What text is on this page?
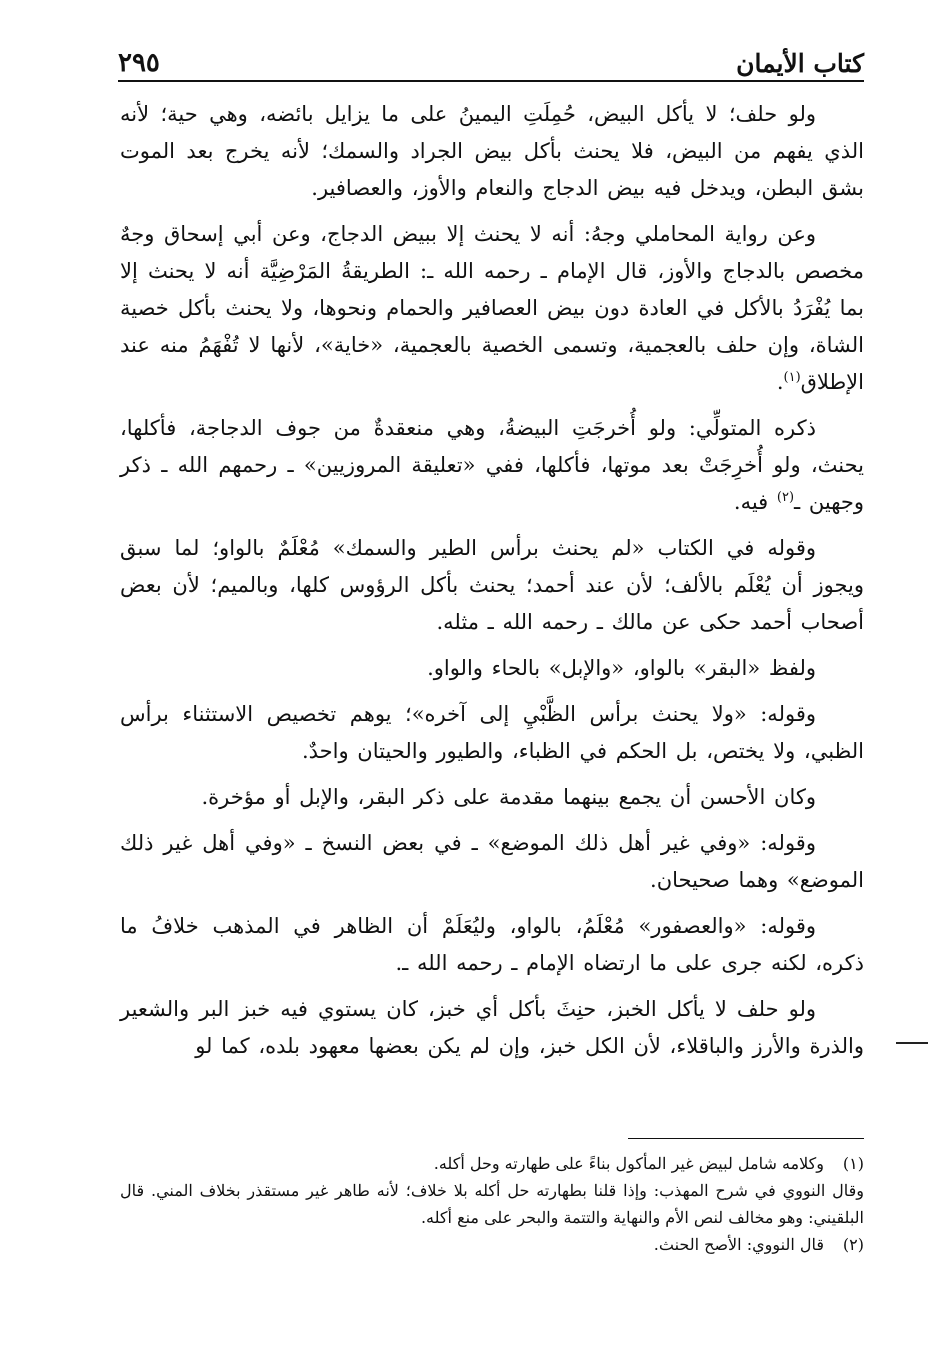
كتاب الأيمان
٢٩٥

ولو حلف؛ لا يأكل البيض، حُمِلَتِ اليمينُ على ما يزايل بائضه، وهي حية؛ لأنه الذي يفهم من البيض، فلا يحنث بأكل بيض الجراد والسمك؛ لأنه يخرج بعد الموت بشق البطن، ويدخل فيه بيض الدجاج والنعام والأوز، والعصافير.

وعن رواية المحاملي وجهُ: أنه لا يحنث إلا ببيض الدجاج، وعن أبي إسحاق وجهٌ مخصص بالدجاج والأوز، قال الإمام ـ رحمه الله ـ: الطريقةُ المَرْضِيَّة أنه لا يحنث إلا بما يُفْرَدُ بالأكل في العادة دون بيض العصافير والحمام ونحوها، ولا يحنث بأكل خصية الشاة، وإن حلف بالعجمية، وتسمى الخصية بالعجمية، «خاية»، لأنها لا تُفْهَمُ منه عند الإطلاق$^{(١)}$.

ذكره المتولِّي: ولو أُخرجَتِ البيضةُ، وهي منعقدةٌ من جوف الدجاجة، فأكلها، يحنث، ولو أُخرِجَتْ بعد موتها، فأكلها، ففي «تعليقة المروزيين» ـ رحمهم الله ـ ذكر وجهين ـ$^{(٢)}$ فيه.

وقوله في الكتاب «لم يحنث برأس الطير والسمك» مُعْلَمٌ بالواو؛ لما سبق ويجوز أن يُعْلَم بالألف؛ لأن عند أحمد؛ يحنث بأكل الرؤوس كلها، وبالميم؛ لأن بعض أصحاب أحمد حكى عن مالك ـ رحمه الله ـ مثله.

ولفظ «البقر» بالواو، «والإبل» بالحاء والواو.

وقوله: «ولا يحنث برأس الظَّبْيِ إلى آخره»؛ يوهم تخصيص الاستثناء برأس الظبي، ولا يختص، بل الحكم في الظباء، والطيور والحيتان واحدٌ.

وكان الأحسن أن يجمع بينهما مقدمة على ذكر البقر، والإبل أو مؤخرة.

وقوله: «وفي غير أهل ذلك الموضع» ـ في بعض النسخ ـ «وفي أهل غير ذلك الموضع» وهما صحيحان.

وقوله: «والعصفور» مُعْلَمُ، بالواو، وليُعَلَمْ أن الظاهر في المذهب خلافُ ما ذكره، لكنه جرى على ما ارتضاه الإمام ـ رحمه الله ـ.

ولو حلف لا يأكل الخبز، حنِثَ بأكل أي خبز، كان يستوي فيه خبز البر والشعير والذرة والأرز والباقلاء، لأن الكل خبز، وإن لم يكن بعضها معهود بلده، كما لو

(١)وكلامه شامل لبيض غير المأكول بناءً على طهارته وحل أكله.

وقال النووي في شرح المهذب: وإذا قلنا بطهارته حل أكله بلا خلاف؛ لأنه طاهر غير مستقذر بخلاف المني. قال البلقيني: وهو مخالف لنص الأم والنهاية والتتمة والبحر على منع أكله.

(٢)قال النووي: الأصح الحنث.
